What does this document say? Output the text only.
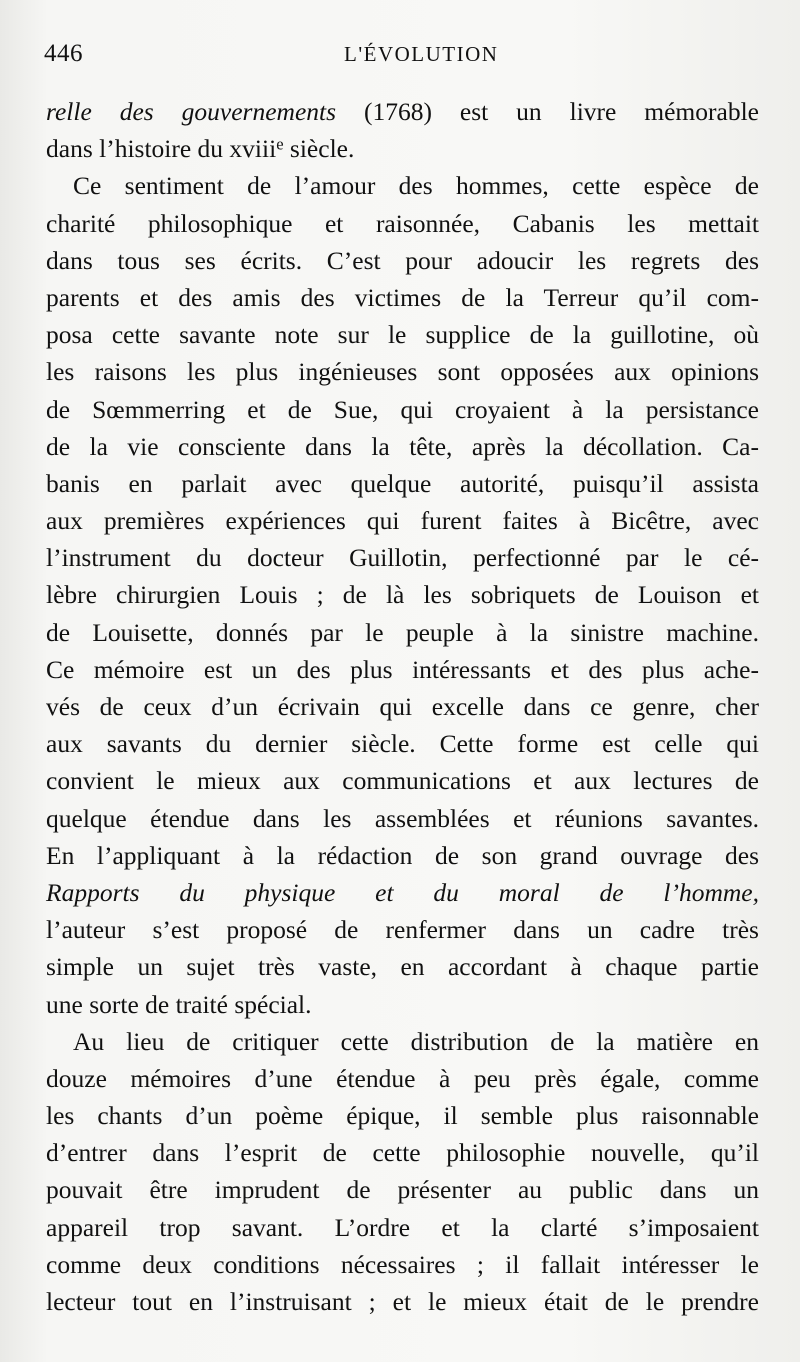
446	L'ÉVOLUTION
relle des gouvernements (1768) est un livre mémorable
dans l’histoire du xviii$^e$ siècle.
Ce sentiment de l’amour des hommes, cette espèce de
charité philosophique et raisonnée, Cabanis les mettait
dans tous ses écrits. C’est pour adoucir les regrets des
parents et des amis des victimes de la Terreur qu’il com-
posa cette savante note sur le supplice de la guillotine, où
les raisons les plus ingénieuses sont opposées aux opinions
de Sœmmerring et de Sue, qui croyaient à la persistance
de la vie consciente dans la tête, après la décollation. Ca-
banis en parlait avec quelque autorité, puisqu’il assista
aux premières expériences qui furent faites à Bicêtre, avec
l’instrument du docteur Guillotin, perfectionné par le cé-
lèbre chirurgien Louis ; de là les sobriquets de Louison et
de Louisette, donnés par le peuple à la sinistre machine.
Ce mémoire est un des plus intéressants et des plus ache-
vés de ceux d’un écrivain qui excelle dans ce genre, cher
aux savants du dernier siècle. Cette forme est celle qui
convient le mieux aux communications et aux lectures de
quelque étendue dans les assemblées et réunions savantes.
En l’appliquant à la rédaction de son grand ouvrage des
Rapports du physique et du moral de l’homme,
l’auteur s’est proposé de renfermer dans un cadre très
simple un sujet très vaste, en accordant à chaque partie
une sorte de traité spécial.
Au lieu de critiquer cette distribution de la matière en
douze mémoires d’une étendue à peu près égale, comme
les chants d’un poème épique, il semble plus raisonnable
d’entrer dans l’esprit de cette philosophie nouvelle, qu’il
pouvait être imprudent de présenter au public dans un
appareil trop savant. L’ordre et la clarté s’imposaient
comme deux conditions nécessaires ; il fallait intéresser le
lecteur tout en l’instruisant ; et le mieux était de le prendre
